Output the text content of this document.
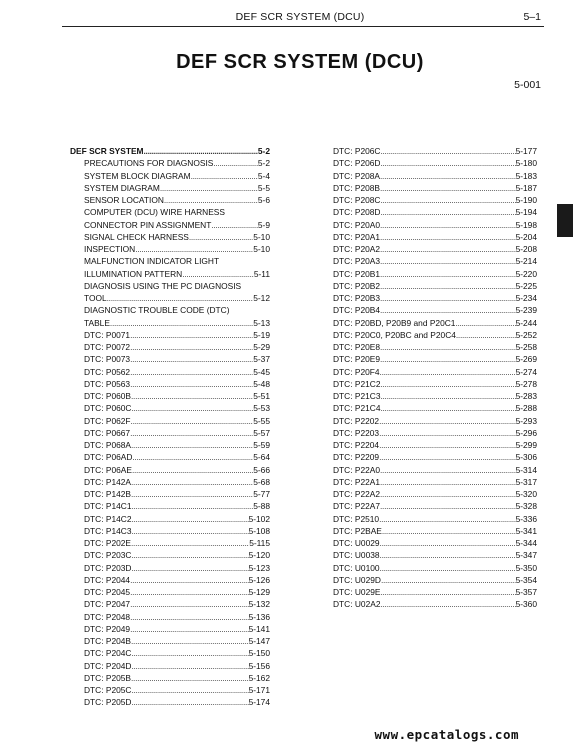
DEF SCR SYSTEM (DCU)	5–1
DEF SCR SYSTEM (DCU)
5-001
DEF SCR SYSTEM .....	5-2
PRECAUTIONS FOR DIAGNOSIS .....	5-2
SYSTEM BLOCK DIAGRAM .....	5-4
SYSTEM DIAGRAM .....	5-5
SENSOR LOCATION .....	5-6
COMPUTER (DCU) WIRE HARNESS
CONNECTOR PIN ASSIGNMENT .....	5-9
SIGNAL CHECK HARNESS .....	5-10
INSPECTION .....	5-10
MALFUNCTION INDICATOR LIGHT
ILLUMINATION PATTERN .....	5-11
DIAGNOSIS USING THE PC DIAGNOSIS
TOOL .....	5-12
DIAGNOSTIC TROUBLE CODE (DTC)
TABLE .....	5-13
DTC: P0071 .....	5-19
DTC: P0072 .....	5-29
DTC: P0073 .....	5-37
DTC: P0562 .....	5-45
DTC: P0563 .....	5-48
DTC: P060B .....	5-51
DTC: P060C .....	5-53
DTC: P062F .....	5-55
DTC: P0667 .....	5-57
DTC: P068A .....	5-59
DTC: P06AD .....	5-64
DTC: P06AE .....	5-66
DTC: P142A .....	5-68
DTC: P142B .....	5-77
DTC: P14C1 .....	5-88
DTC: P14C2 .....	5-102
DTC: P14C3 .....	5-108
DTC: P202E .....	5-115
DTC: P203C .....	5-120
DTC: P203D .....	5-123
DTC: P2044 .....	5-126
DTC: P2045 .....	5-129
DTC: P2047 .....	5-132
DTC: P2048 .....	5-136
DTC: P2049 .....	5-141
DTC: P204B .....	5-147
DTC: P204C .....	5-150
DTC: P204D .....	5-156
DTC: P205B .....	5-162
DTC: P205C .....	5-171
DTC: P205D .....	5-174
DTC: P206C .....	5-177
DTC: P206D .....	5-180
DTC: P208A .....	5-183
DTC: P208B .....	5-187
DTC: P208C .....	5-190
DTC: P208D .....	5-194
DTC: P20A0 .....	5-198
DTC: P20A1 .....	5-204
DTC: P20A2 .....	5-208
DTC: P20A3 .....	5-214
DTC: P20B1 .....	5-220
DTC: P20B2 .....	5-225
DTC: P20B3 .....	5-234
DTC: P20B4 .....	5-239
DTC: P20BD, P20B9 and P20C1 .....	5-244
DTC: P20C0, P20BC and P20C4 .....	5-252
DTC: P20E8 .....	5-258
DTC: P20E9 .....	5-269
DTC: P20F4 .....	5-274
DTC: P21C2 .....	5-278
DTC: P21C3 .....	5-283
DTC: P21C4 .....	5-288
DTC: P2202 .....	5-293
DTC: P2203 .....	5-296
DTC: P2204 .....	5-299
DTC: P2209 .....	5-306
DTC: P22A0 .....	5-314
DTC: P22A1 .....	5-317
DTC: P22A2 .....	5-320
DTC: P22A7 .....	5-328
DTC: P2510 .....	5-336
DTC: P2BAE .....	5-341
DTC: U0029 .....	5-344
DTC: U0038 .....	5-347
DTC: U0100 .....	5-350
DTC: U029D .....	5-354
DTC: U029E .....	5-357
DTC: U02A2 .....	5-360
www.epcatalogs.com
